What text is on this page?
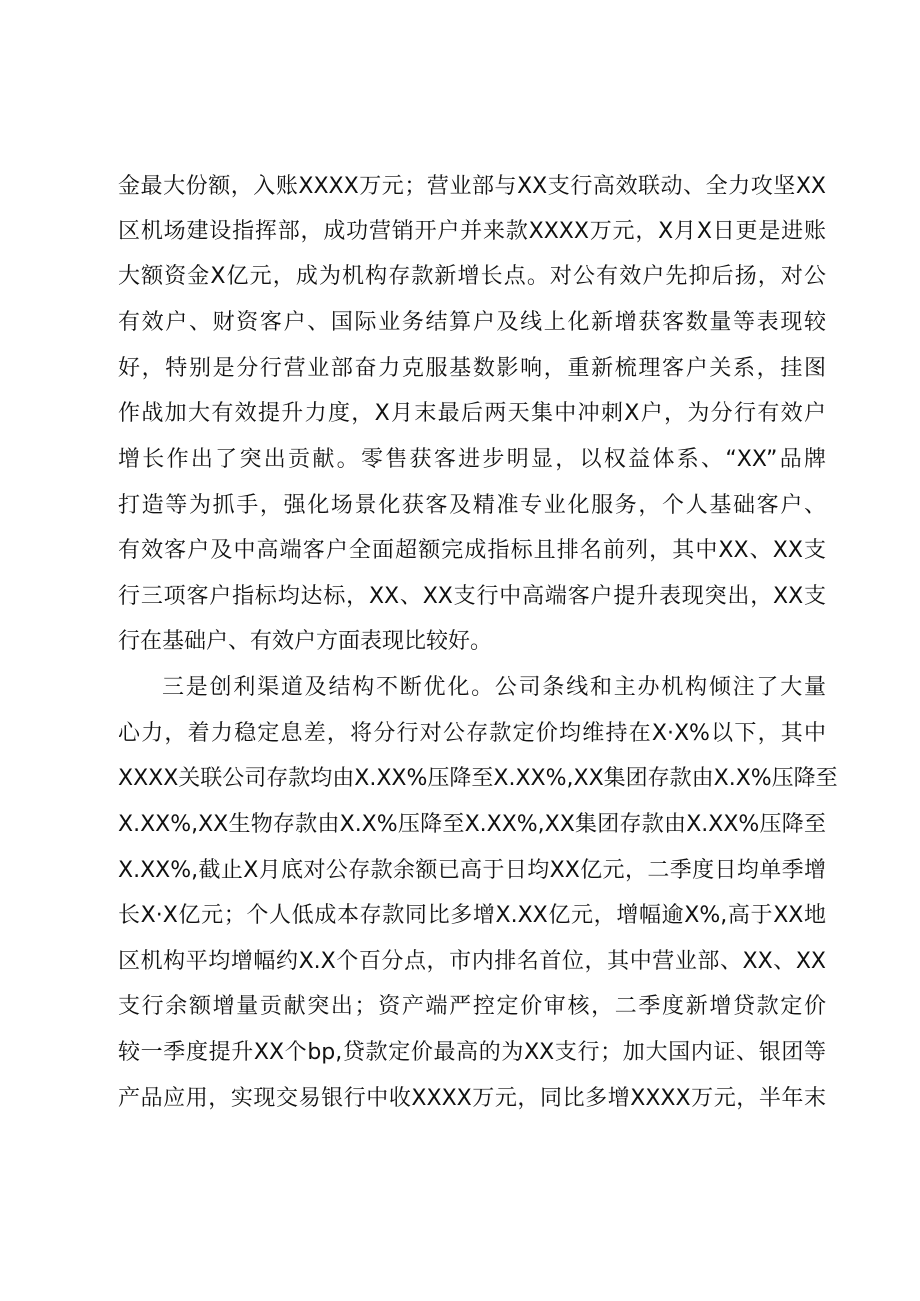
金最大份额，入账XXXX万元；营业部与XX支行高效联动、全力攻坚XX
区机场建设指挥部，成功营销开户并来款XXXX万元，X月X日更是进账
大额资金X亿元，成为机构存款新增长点。对公有效户先抑后扬，对公
有效户、财资客户、国际业务结算户及线上化新增获客数量等表现较
好，特别是分行营业部奋力克服基数影响，重新梳理客户关系，挂图
作战加大有效提升力度，X月末最后两天集中冲刺X户，为分行有效户
增长作出了突出贡献。零售获客进步明显，以权益体系、“XX”品牌
打造等为抓手，强化场景化获客及精准专业化服务，个人基础客户、
有效客户及中高端客户全面超额完成指标且排名前列，其中XX、XX支
行三项客户指标均达标，XX、XX支行中高端客户提升表现突出，XX支
行在基础户、有效户方面表现比较好。
三是创利渠道及结构不断优化。公司条线和主办机构倾注了大量
心力，着力稳定息差，将分行对公存款定价均维持在X·X%以下，其中
XXXX关联公司存款均由X.XX%压降至X.XX%,XX集团存款由X.X%压降至
X.XX%,XX生物存款由X.X%压降至X.XX%,XX集团存款由X.XX%压降至
X.XX%,截止X月底对公存款余额已高于日均XX亿元，二季度日均单季增
长X·X亿元；个人低成本存款同比多增X.XX亿元，增幅逾X%,高于XX地
区机构平均增幅约X.X个百分点，市内排名首位，其中营业部、XX、XX
支行余额增量贡献突出；资产端严控定价审核，二季度新增贷款定价
较一季度提升XX个bp,贷款定价最高的为XX支行；加大国内证、银团等
产品应用，实现交易银行中收XXXX万元，同比多增XXXX万元，半年末
